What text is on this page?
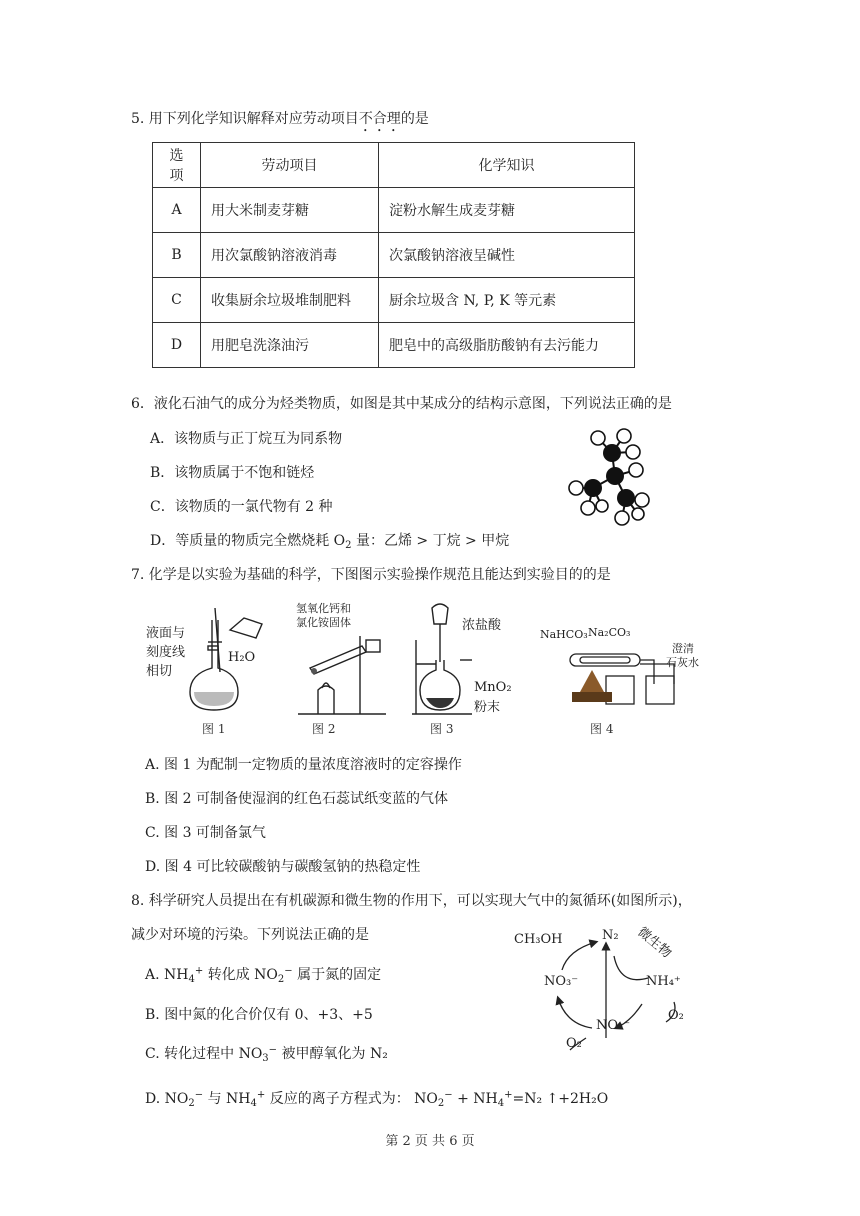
5. 用下列化学知识解释对应劳动项目不合理的是
选项	劳动项目	化学知识
A	用大米制麦芽糖	淀粉水解生成麦芽糖
B	用次氯酸钠溶液消毒	次氯酸钠溶液呈碱性
C	收集厨余垃圾堆制肥料	厨余垃圾含 N, P, K 等元素
D	用肥皂洗涤油污	肥皂中的高级脂肪酸钠有去污能力
6．液化石油气的成分为烃类物质，如图是其中某成分的结构示意图，下列说法正确的是
A．该物质与正丁烷互为同系物
B．该物质属于不饱和链烃
C．该物质的一氯代物有 2 种
D．等质量的物质完全燃烧耗 $O_2$ 量：乙烯 > 丁烷 > 甲烷
7. 化学是以实验为基础的科学，下图图示实验操作规范且能达到实验目的的是
液面与
刻度线
相切
H₂O
图 1
氢氧化钙和
氯化铵固体
图 2
浓盐酸
MnO₂
粉末
图 3
NaHCO₃ Na₂CO₃
澄清
石灰水
图 4
A. 图 1 为配制一定物质的量浓度溶液时的定容操作
B. 图 2 可制备使湿润的红色石蕊试纸变蓝的气体
C. 图 3 可制备氯气
D. 图 4 可比较碳酸钠与碳酸氢钠的热稳定性
8. 科学研究人员提出在有机碳源和微生物的作用下，可以实现大气中的氮循环(如图所示)，
减少对环境的污染。下列说法正确的是
A. $NH_4^+$ 转化成 $NO_2^-$ 属于氮的固定
B. 图中氮的化合价仅有 0、+3、+5
C. 转化过程中 $NO_3^-$ 被甲醇氧化为 N₂
D. $NO_2^-$ 与 $NH_4^+$ 反应的离子方程式为： $NO_2^- + NH_4^+=N_2$ ↑+2H₂O
CH₃OH	N₂ 微生物
NO₃⁻	NH₄⁺
NO₂⁻
O₂
O₂
第 2 页 共 6 页
